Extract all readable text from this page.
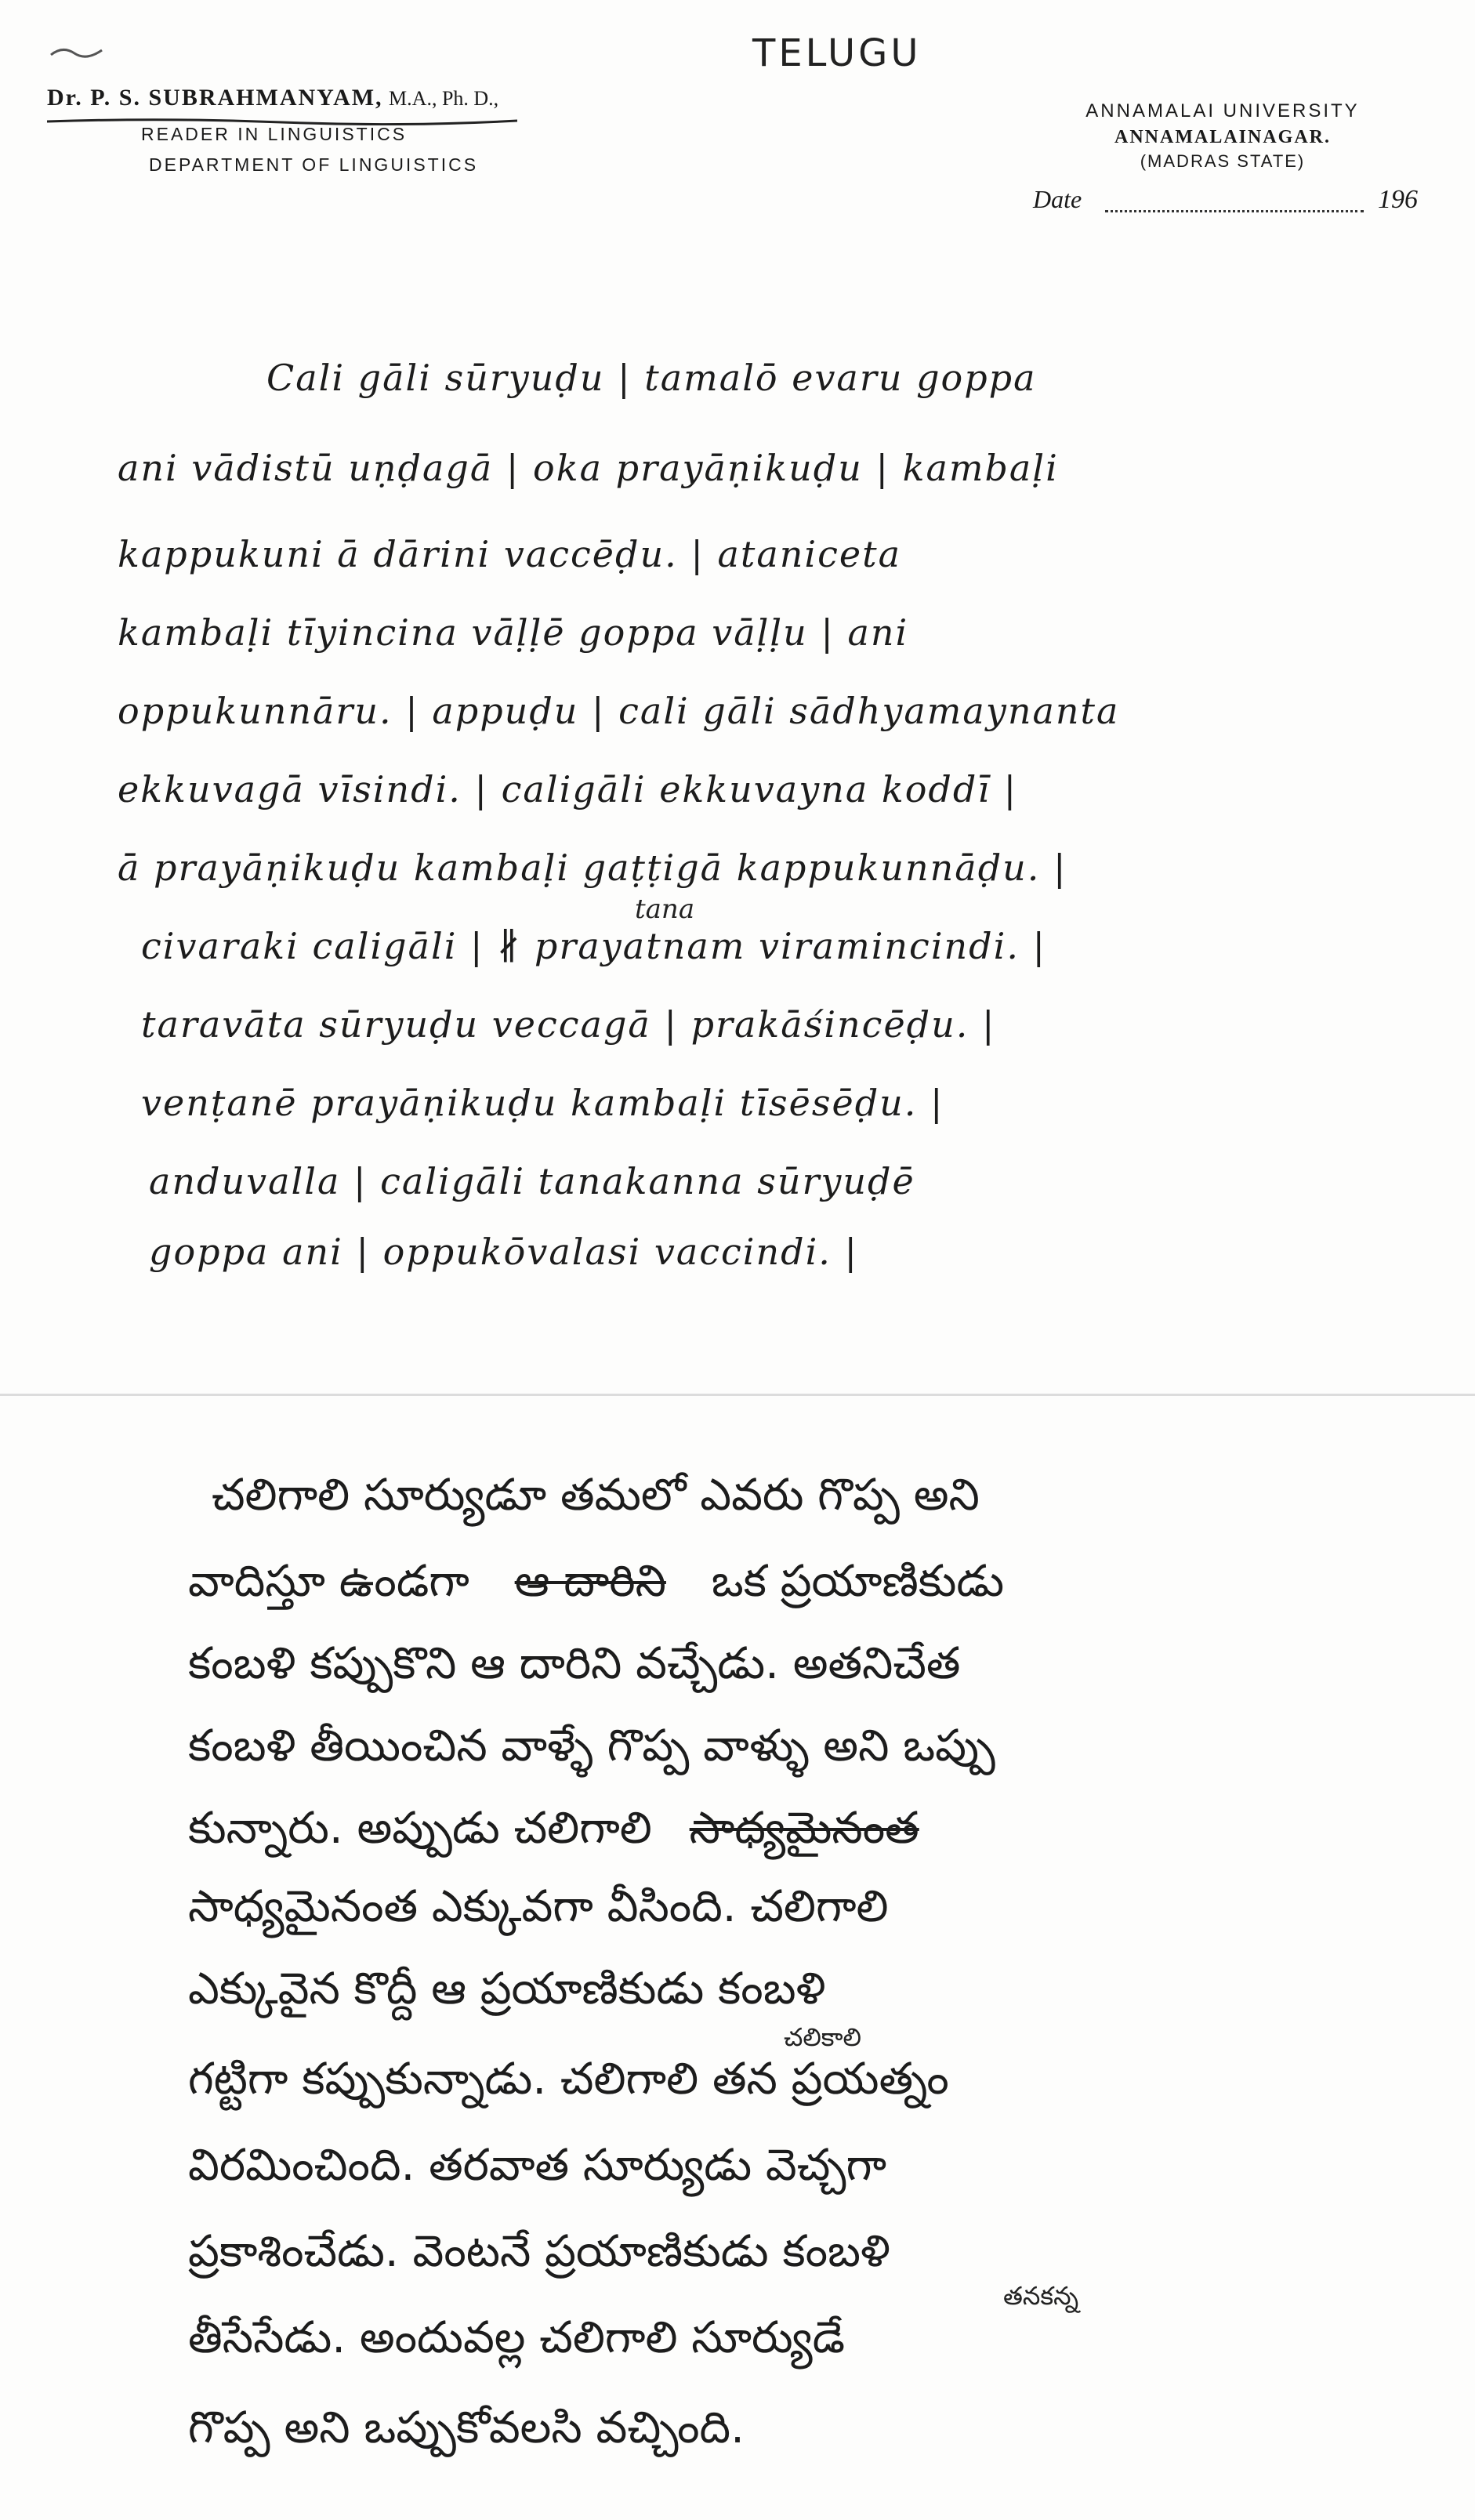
TELUGU
Dr. P. S. SUBRAHMANYAM, M.A., Ph. D.,
READER IN LINGUISTICS
DEPARTMENT OF LINGUISTICS
ANNAMALAI UNIVERSITY
ANNAMALAINAGAR.
(MADRAS STATE)
Date	196
Cali gāli sūryuḍu | tamalō evaru goppa
ani vādistū uṇḍagā | oka prayāṇikuḍu | kambaḷi
kappukuni ā dārini vaccēḍu. | ataniceta
kambaḷi tīyincina vāḷḷē goppa vāḷḷu | ani
oppukunnāru. | appuḍu | cali gāli sādhyamaynanta
ekkuvagā vīsindi. | caligāli ekkuvayna koddī |
ā prayāṇikuḍu kambaḷi gaṭṭigā kappukunnāḍu. |
tana
civaraki caligāli | ∦ prayatnam viramincindi. |
taravāta sūryuḍu veccagā | prakāśincēḍu. |
venṭanē prayāṇikuḍu kambaḷi tīsēsēḍu. |
anduvalla | caligāli tanakanna sūryuḍē
goppa ani | oppukōvalasi vaccindi. |
చలిగాలి సూర్యుడూ తమలో ఎవరు గొప్ప అని
వాదిస్తూ ఉండగా ఆ దారిని ఒక ప్రయాణికుడు
కంబళి కప్పుకొని ఆ దారిని వచ్చేడు. అతనిచేత
కంబళి తీయించిన వాళ్ళే గొప్ప వాళ్ళు అని ఒప్పు
కున్నారు. అప్పుడు చలిగాలి సాధ్యమైనంత
సాధ్యమైనంత ఎక్కువగా వీసింది. చలిగాలి
ఎక్కువైన కొద్దీ ఆ ప్రయాణికుడు కంబళి
చలికాలి
గట్టిగా కప్పుకున్నాడు. చలిగాలి తన ప్రయత్నం
విరమించింది. తరవాత సూర్యుడు వెచ్చగా
ప్రకాశించేడు. వెంటనే ప్రయాణికుడు కంబళి
తనకన్న
తీసేసేడు. అందువల్ల చలిగాలి సూర్యుడే
గొప్ప అని ఒప్పుకోవలసి వచ్చింది.
